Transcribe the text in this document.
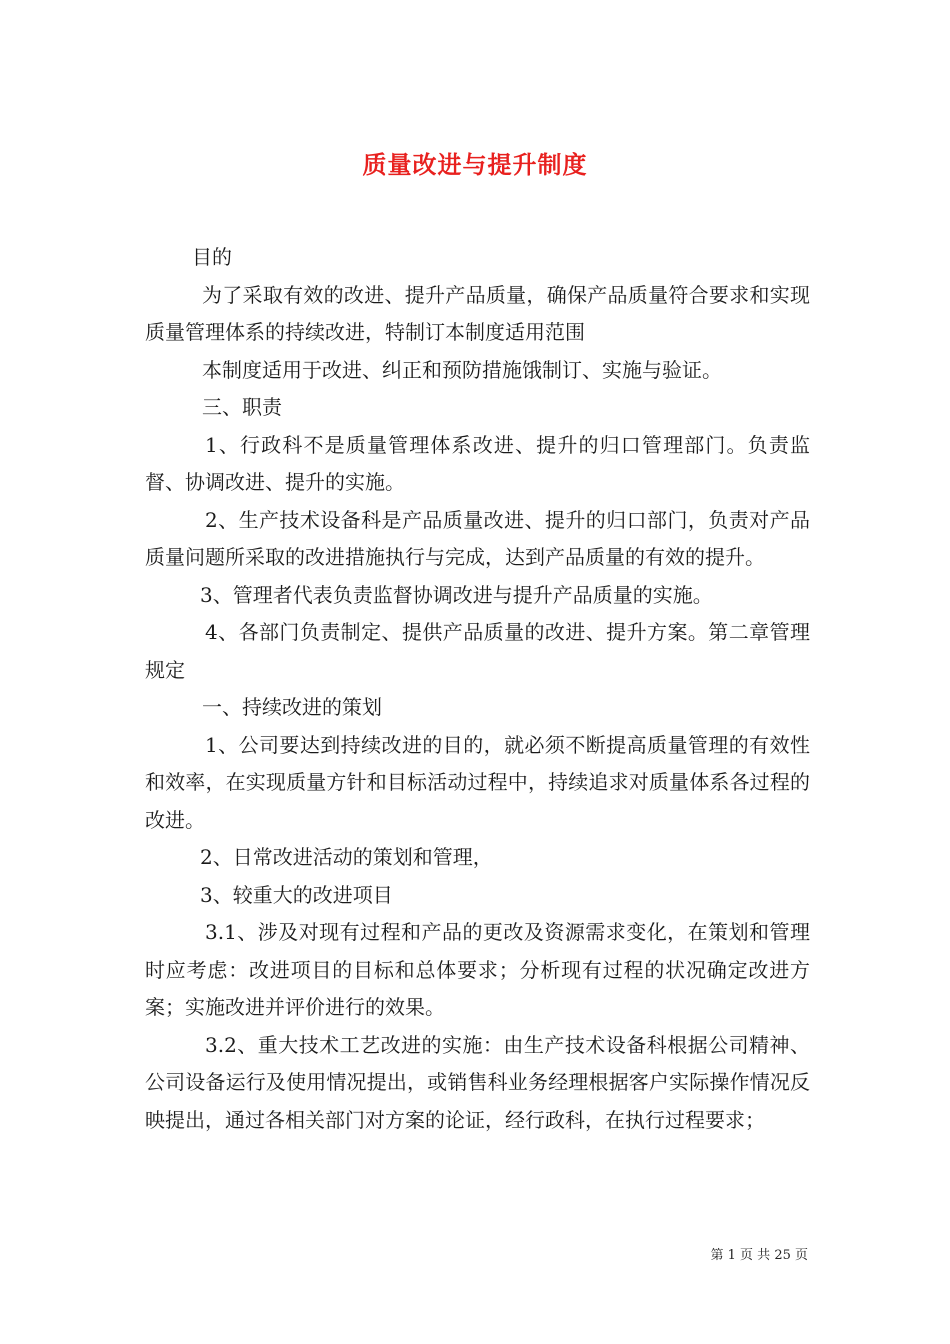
质量改进与提升制度

目的

为了采取有效的改进、提升产品质量，确保产品质量符合要求和实现质量管理体系的持续改进，特制订本制度适用范围

本制度适用于改进、纠正和预防措施饿制订、实施与验证。

三、职责

1、行政科不是质量管理体系改进、提升的归口管理部门。负责监督、协调改进、提升的实施。

2、生产技术设备科是产品质量改进、提升的归口部门，负责对产品质量问题所采取的改进措施执行与完成，达到产品质量的有效的提升。

3、管理者代表负责监督协调改进与提升产品质量的实施。

4、各部门负责制定、提供产品质量的改进、提升方案。第二章管理规定

一、持续改进的策划

1、公司要达到持续改进的目的，就必须不断提高质量管理的有效性和效率，在实现质量方针和目标活动过程中，持续追求对质量体系各过程的改进。

2、日常改进活动的策划和管理，

3、较重大的改进项目

3.1、涉及对现有过程和产品的更改及资源需求变化，在策划和管理时应考虑：改进项目的目标和总体要求；分析现有过程的状况确定改进方案；实施改进并评价进行的效果。

3.2、重大技术工艺改进的实施：由生产技术设备科根据公司精神、公司设备运行及使用情况提出，或销售科业务经理根据客户实际操作情况反映提出，通过各相关部门对方案的论证，经行政科，在执行过程要求；

第 1 页 共 25 页
